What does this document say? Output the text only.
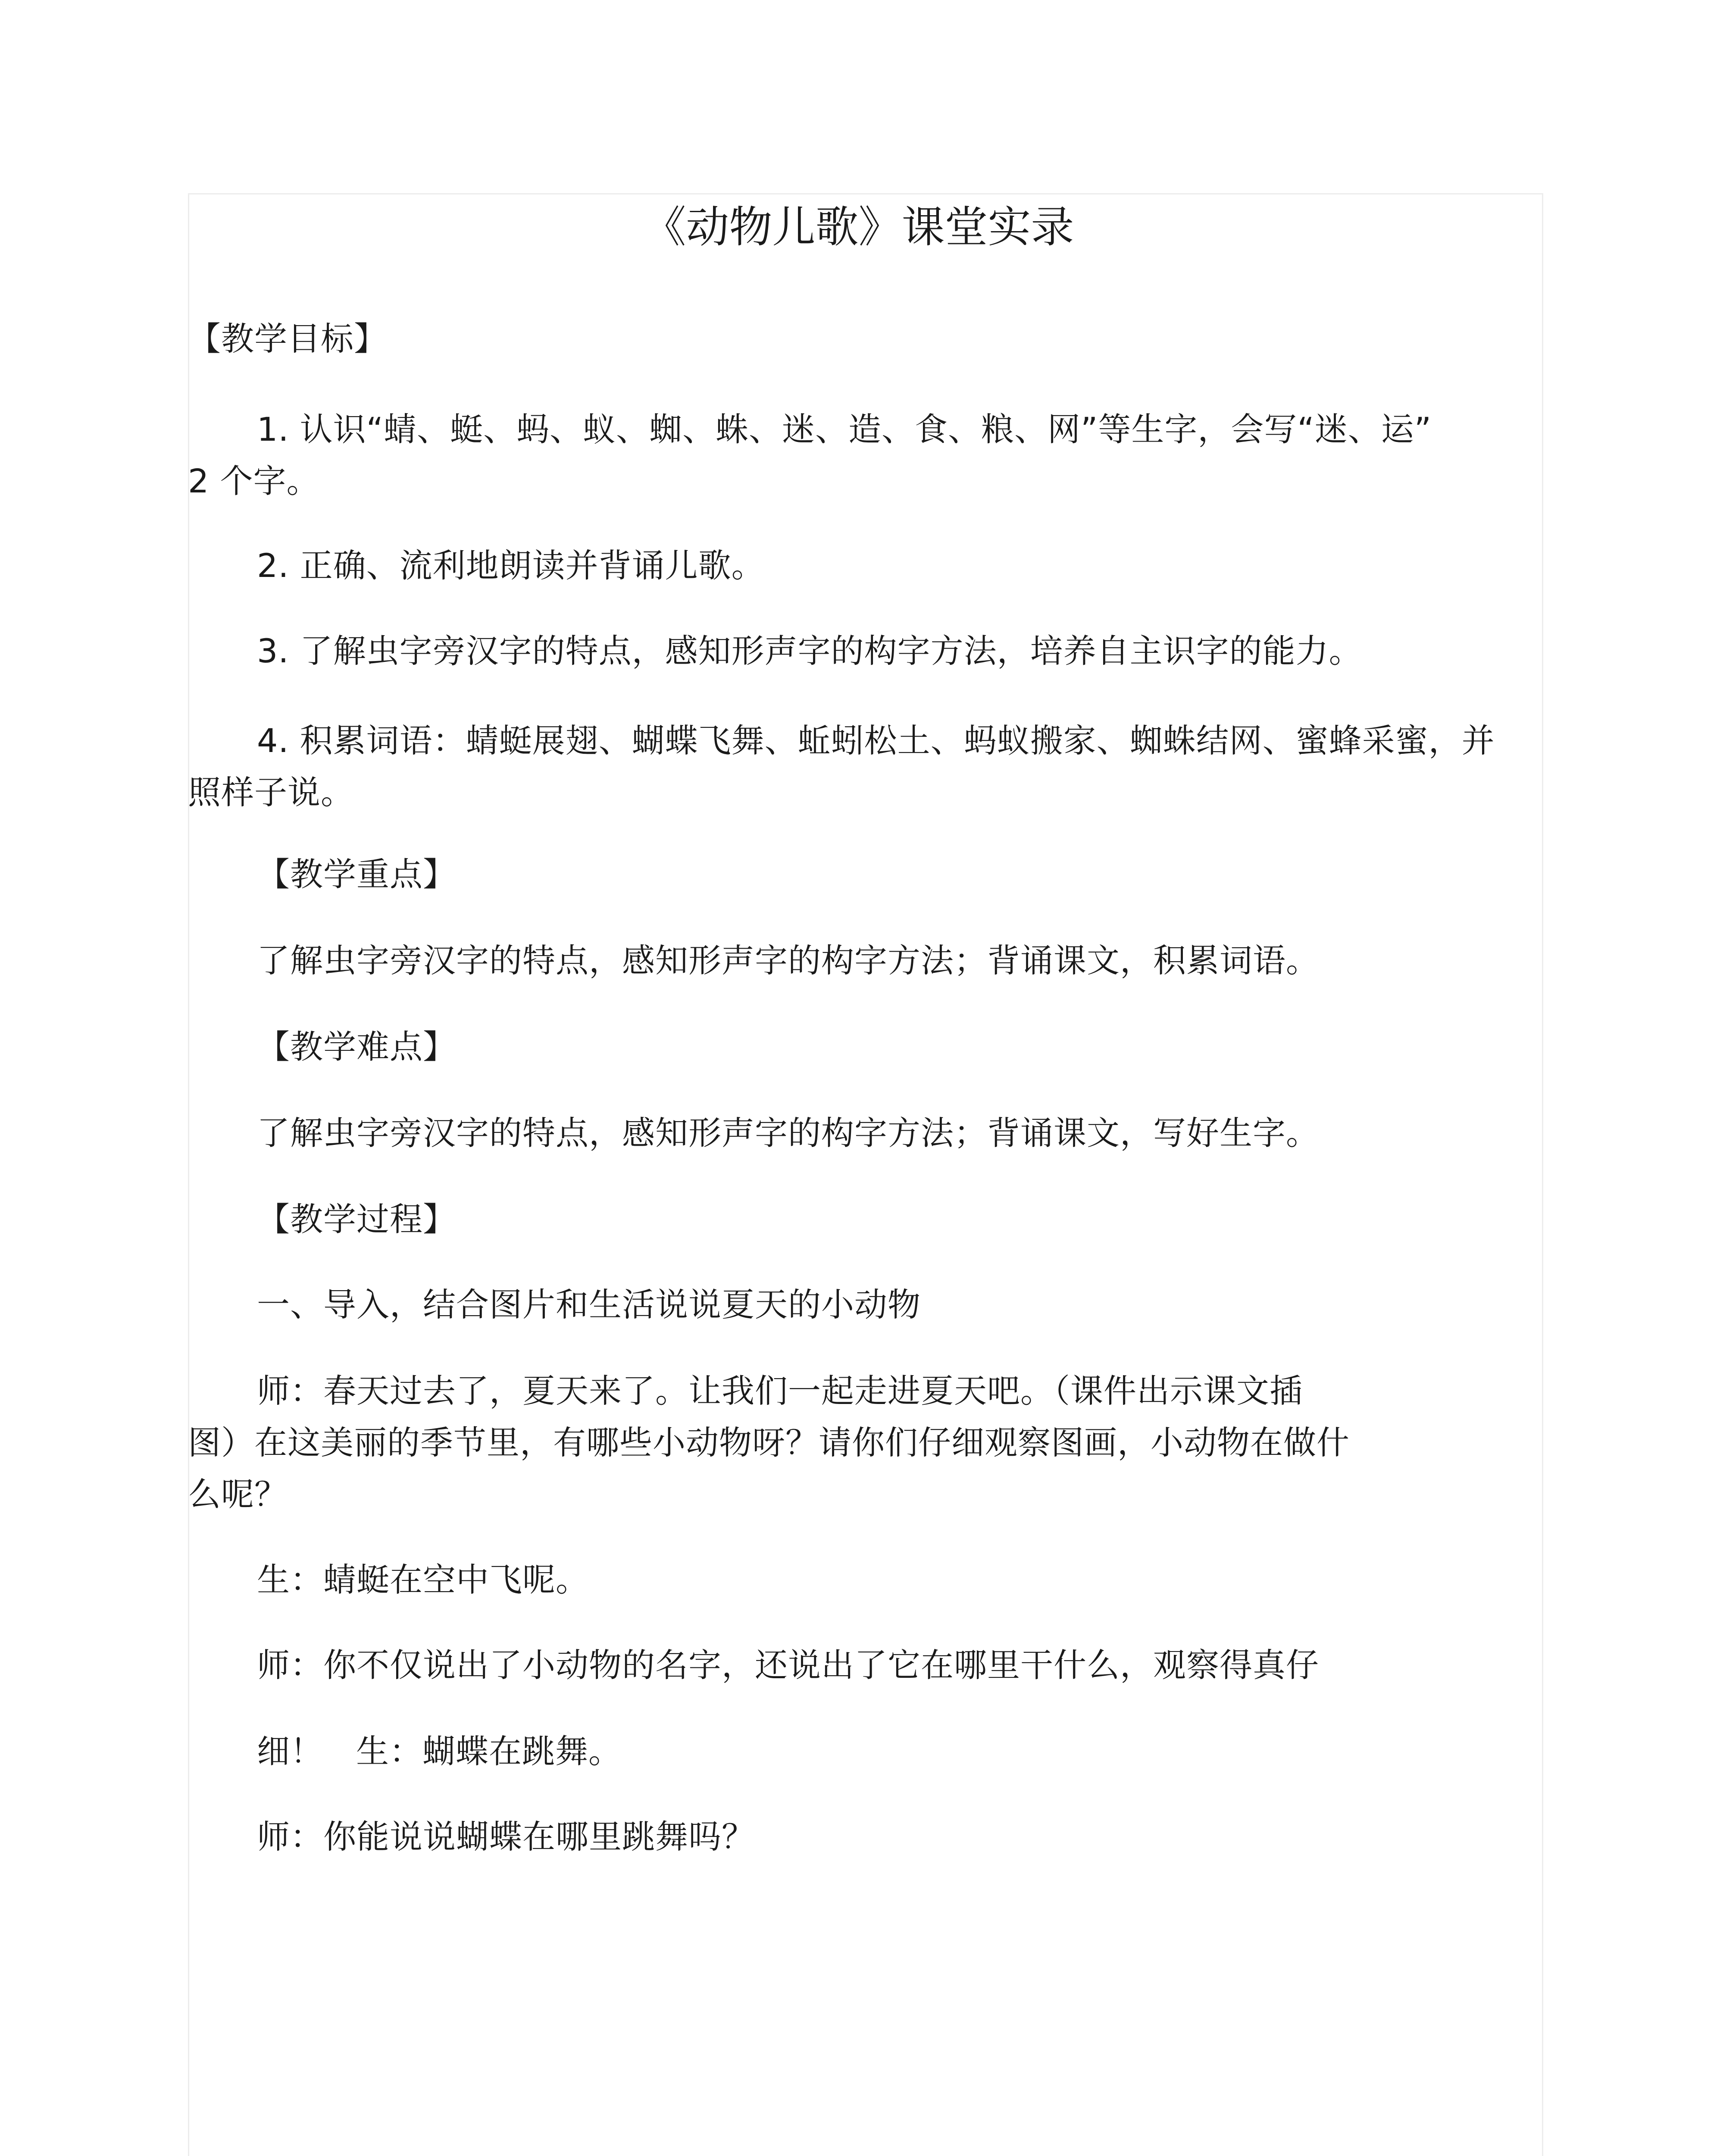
《动物儿歌》课堂实录
【教学目标】
1. 认识“蜻、蜓、蚂、蚁、蜘、蛛、迷、造、食、粮、网”等生字，会写“迷、运”
2 个字。
2. 正确、流利地朗读并背诵儿歌。
3. 了解虫字旁汉字的特点，感知形声字的构字方法，培养自主识字的能力。
4. 积累词语：蜻蜓展翅、蝴蝶飞舞、蚯蚓松土、蚂蚁搬家、蜘蛛结网、蜜蜂采蜜，并
照样子说。
【教学重点】
了解虫字旁汉字的特点，感知形声字的构字方法；背诵课文，积累词语。
【教学难点】
了解虫字旁汉字的特点，感知形声字的构字方法；背诵课文，写好生字。
【教学过程】
一、导入，结合图片和生活说说夏天的小动物
师：春天过去了，夏天来了。让我们一起走进夏天吧。（课件出示课文插
图）在这美丽的季节里，有哪些小动物呀？请你们仔细观察图画，小动物在做什
么呢？
生：蜻蜓在空中飞呢。
师：你不仅说出了小动物的名字，还说出了它在哪里干什么，观察得真仔
细！ 生：蝴蝶在跳舞。
师：你能说说蝴蝶在哪里跳舞吗？
